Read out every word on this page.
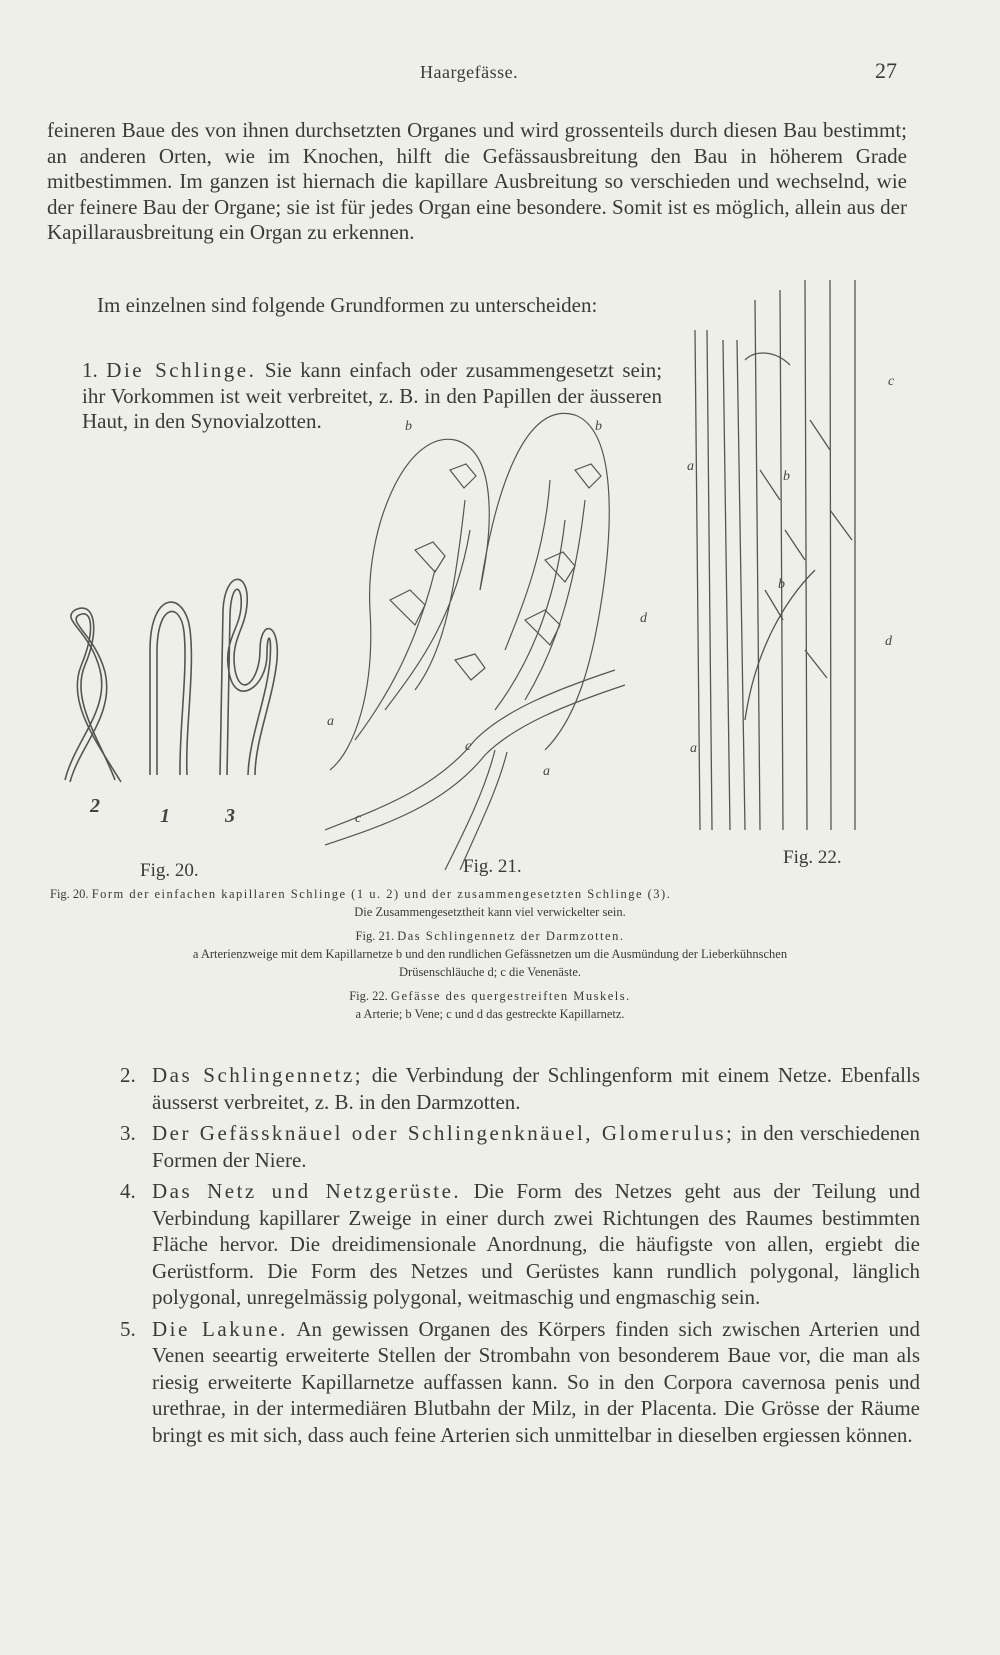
Haargefässe.	27
feineren Baue des von ihnen durchsetzten Organes und wird grossenteils durch diesen Bau bestimmt; an anderen Orten, wie im Knochen, hilft die Gefässausbreitung den Bau in höherem Grade mitbestimmen. Im ganzen ist hiernach die kapillare Ausbreitung so verschieden und wechselnd, wie der feinere Bau der Organe; sie ist für jedes Organ eine besondere. Somit ist es möglich, allein aus der Kapillarausbreitung ein Organ zu erkennen.
Im einzelnen sind folgende Grundformen zu unterscheiden:
1. Die Schlinge. Sie kann einfach oder zusammengesetzt sein; ihr Vorkommen ist weit verbreitet, z. B. in den Papillen der äusseren Haut, in den Synovialzotten.
2	1	3
b	b
a
c
a
d
c
c
a
b
b
d
a
Fig. 20.	Fig. 21.	Fig. 22.
Fig. 20. Form der einfachen kapillaren Schlinge (1 u. 2) und der zusammengesetzten Schlinge (3).
Die Zusammengesetztheit kann viel verwickelter sein.
Fig. 21. Das Schlingennetz der Darmzotten.
a Arterienzweige mit dem Kapillarnetze b und den rundlichen Gefässnetzen um die Ausmündung der Lieberkühnschen
Drüsenschläuche d; c die Venenäste.
Fig. 22. Gefässe des quergestreiften Muskels.
a Arterie; b Vene; c und d das gestreckte Kapillarnetz.
2. Das Schlingennetz; die Verbindung der Schlingenform mit einem Netze. Ebenfalls äusserst verbreitet, z. B. in den Darmzotten.
3. Der Gefässknäuel oder Schlingenknäuel, Glomerulus; in den verschiedenen Formen der Niere.
4. Das Netz und Netzgerüste. Die Form des Netzes geht aus der Teilung und Verbindung kapillarer Zweige in einer durch zwei Richtungen des Raumes bestimmten Fläche hervor. Die dreidimensionale Anordnung, die häufigste von allen, ergiebt die Gerüstform. Die Form des Netzes und Gerüstes kann rundlich polygonal, länglich polygonal, unregelmässig polygonal, weitmaschig und engmaschig sein.
5. Die Lakune. An gewissen Organen des Körpers finden sich zwischen Arterien und Venen seeartig erweiterte Stellen der Strombahn von besonderem Baue vor, die man als riesig erweiterte Kapillarnetze auffassen kann. So in den Corpora cavernosa penis und urethrae, in der intermediären Blutbahn der Milz, in der Placenta. Die Grösse der Räume bringt es mit sich, dass auch feine Arterien sich unmittelbar in dieselben ergiessen können.
